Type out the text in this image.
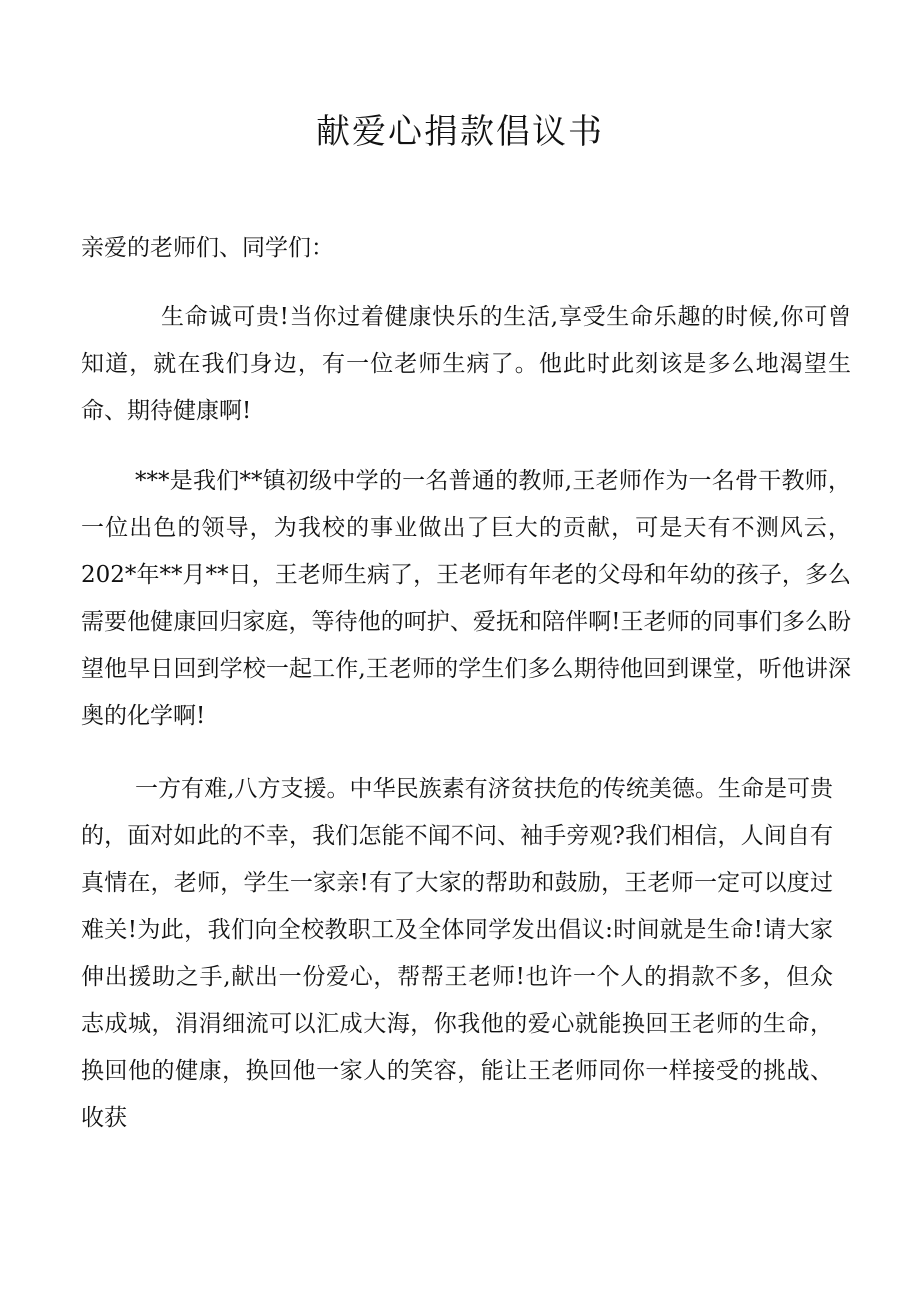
献爱心捐款倡议书
亲爱的老师们、同学们：
生命诚可贵!当你过着健康快乐的生活,享受生命乐趣的时候,你可曾知道，就在我们身边，有一位老师生病了。他此时此刻该是多么地渴望生命、期待健康啊!
***是我们**镇初级中学的一名普通的教师,王老师作为一名骨干教师，一位出色的领导，为我校的事业做出了巨大的贡献，可是天有不测风云，202*年**月**日，王老师生病了，王老师有年老的父母和年幼的孩子，多么需要他健康回归家庭，等待他的呵护、爱抚和陪伴啊!王老师的同事们多么盼望他早日回到学校一起工作,王老师的学生们多么期待他回到课堂，听他讲深奥的化学啊!
一方有难,八方支援。中华民族素有济贫扶危的传统美德。生命是可贵的，面对如此的不幸，我们怎能不闻不问、袖手旁观?我们相信，人间自有真情在，老师，学生一家亲!有了大家的帮助和鼓励，王老师一定可以度过难关!为此，我们向全校教职工及全体同学发出倡议:时间就是生命!请大家伸出援助之手,献出一份爱心，帮帮王老师!也许一个人的捐款不多，但众志成城，涓涓细流可以汇成大海，你我他的爱心就能换回王老师的生命，换回他的健康，换回他一家人的笑容，能让王老师同你一样接受的挑战、收获
